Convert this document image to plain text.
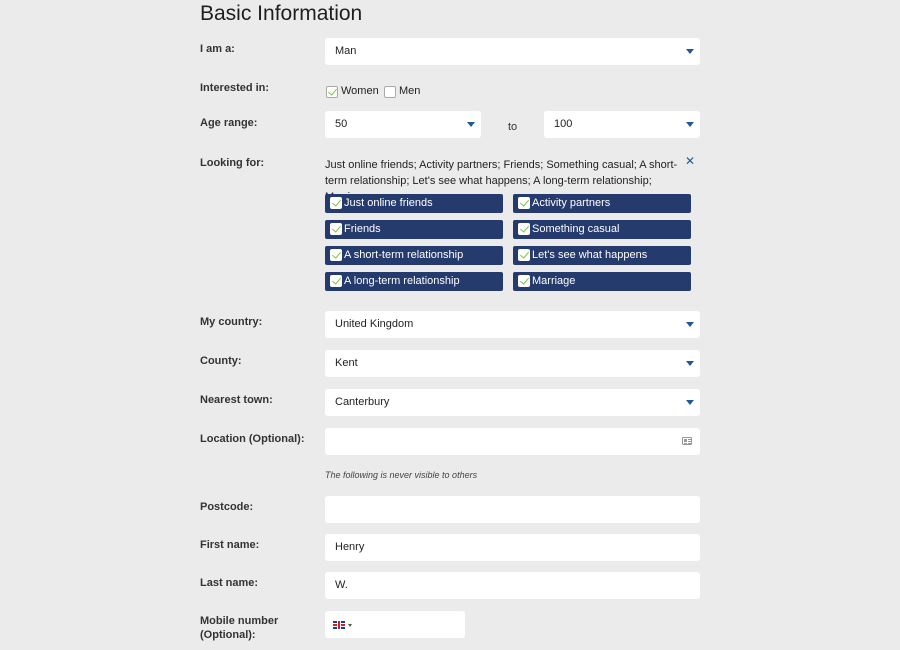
Basic Information
I am a:	Man
Interested in:	Women Men
Age range:	50	to	100
Looking for:	Just online friends; Activity partners; Friends; Something casual; A short-term relationship; Let's see what happens; A long-term relationship;
✕
Just online friends	Activity partners
Friends	Something casual
A short-term relationship	Let's see what happens
A long-term relationship	Marriage
My country:	United Kingdom
County:	Kent
Nearest town:	Canterbury
Location (Optional):
The following is never visible to others
Postcode:
First name:	Henry
Last name:	W.
Mobile number
(Optional):
